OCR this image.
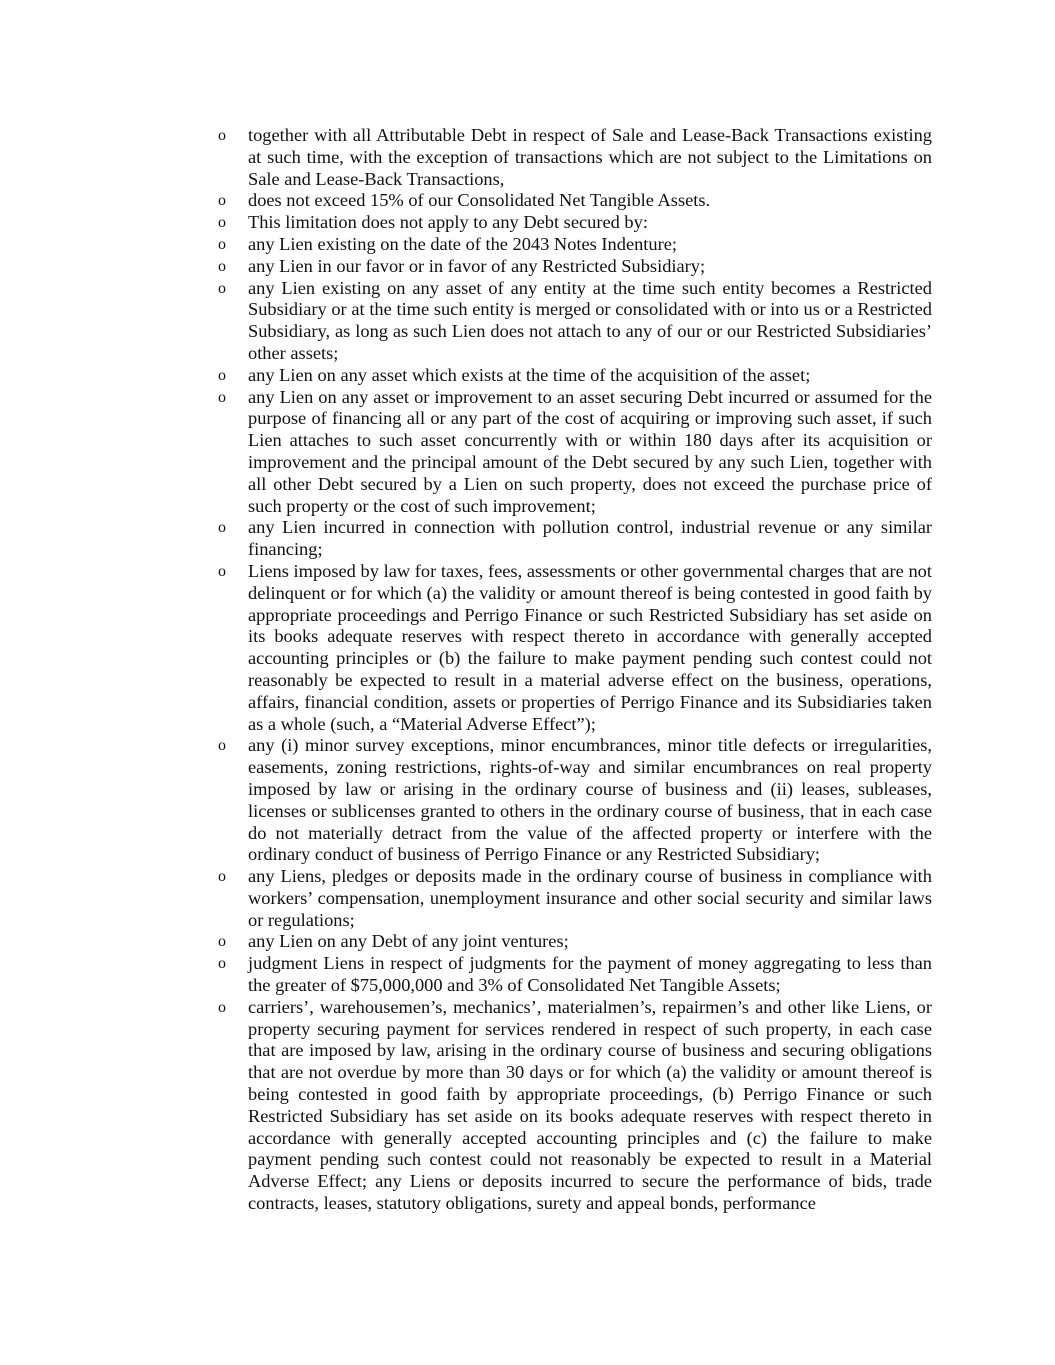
o	together with all Attributable Debt in respect of Sale and Lease-Back Transactions existing at such time, with the exception of transactions which are not subject to the Limitations on Sale and Lease-Back Transactions,
o	does not exceed 15% of our Consolidated Net Tangible Assets.
o	This limitation does not apply to any Debt secured by:
o	any Lien existing on the date of the 2043 Notes Indenture;
o	any Lien in our favor or in favor of any Restricted Subsidiary;
o	any Lien existing on any asset of any entity at the time such entity becomes a Restricted Subsidiary or at the time such entity is merged or consolidated with or into us or a Restricted Subsidiary, as long as such Lien does not attach to any of our or our Restricted Subsidiaries’ other assets;
o	any Lien on any asset which exists at the time of the acquisition of the asset;
o	any Lien on any asset or improvement to an asset securing Debt incurred or assumed for the purpose of financing all or any part of the cost of acquiring or improving such asset, if such Lien attaches to such asset concurrently with or within 180 days after its acquisition or improvement and the principal amount of the Debt secured by any such Lien, together with all other Debt secured by a Lien on such property, does not exceed the purchase price of such property or the cost of such improvement;
o	any Lien incurred in connection with pollution control, industrial revenue or any similar financing;
o	Liens imposed by law for taxes, fees, assessments or other governmental charges that are not delinquent or for which (a) the validity or amount thereof is being contested in good faith by appropriate proceedings and Perrigo Finance or such Restricted Subsidiary has set aside on its books adequate reserves with respect thereto in accordance with generally accepted accounting principles or (b) the failure to make payment pending such contest could not reasonably be expected to result in a material adverse effect on the business, operations, affairs, financial condition, assets or properties of Perrigo Finance and its Subsidiaries taken as a whole (such, a “Material Adverse Effect”);
o	any (i) minor survey exceptions, minor encumbrances, minor title defects or irregularities, easements, zoning restrictions, rights-of-way and similar encumbrances on real property imposed by law or arising in the ordinary course of business and (ii) leases, subleases, licenses or sublicenses granted to others in the ordinary course of business, that in each case do not materially detract from the value of the affected property or interfere with the ordinary conduct of business of Perrigo Finance or any Restricted Subsidiary;
o	any Liens, pledges or deposits made in the ordinary course of business in compliance with workers’ compensation, unemployment insurance and other social security and similar laws or regulations;
o	any Lien on any Debt of any joint ventures;
o	judgment Liens in respect of judgments for the payment of money aggregating to less than the greater of $75,000,000 and 3% of Consolidated Net Tangible Assets;
o	carriers’, warehousemen’s, mechanics’, materialmen’s, repairmen’s and other like Liens, or property securing payment for services rendered in respect of such property, in each case that are imposed by law, arising in the ordinary course of business and securing obligations that are not overdue by more than 30 days or for which (a) the validity or amount thereof is being contested in good faith by appropriate proceedings, (b) Perrigo Finance or such Restricted Subsidiary has set aside on its books adequate reserves with respect thereto in accordance with generally accepted accounting principles and (c) the failure to make payment pending such contest could not reasonably be expected to result in a Material Adverse Effect; any Liens or deposits incurred to secure the performance of bids, trade contracts, leases, statutory obligations, surety and appeal bonds, performance
